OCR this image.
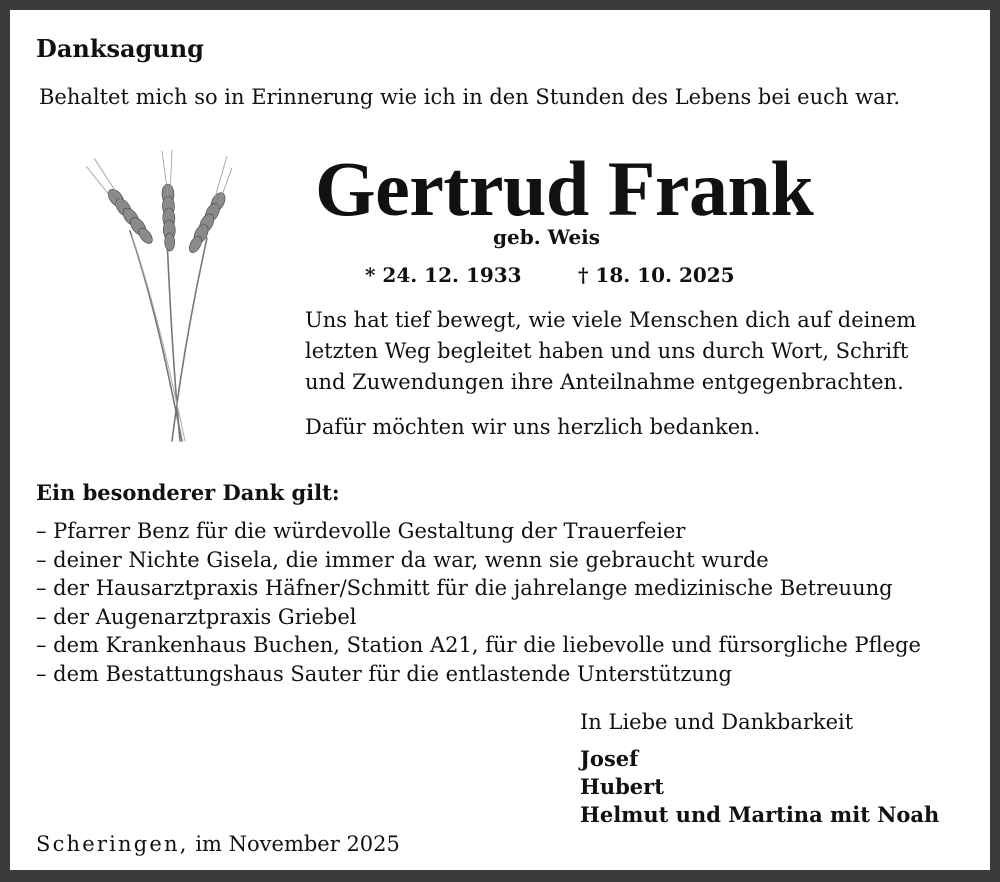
Danksagung
Behaltet mich so in Erinnerung wie ich in den Stunden des Lebens bei euch war.
Gertrud Frank
geb. Weis
* 24. 12. 1933	† 18. 10. 2025
Uns hat tief bewegt, wie viele Menschen dich auf deinem
letzten Weg begleitet haben und uns durch Wort, Schrift
und Zuwendungen ihre Anteilnahme entgegenbrachten.
Dafür möchten wir uns herzlich bedanken.
Ein besonderer Dank gilt:
– Pfarrer Benz für die würdevolle Gestaltung der Trauerfeier
– deiner Nichte Gisela, die immer da war, wenn sie gebraucht wurde
– der Hausarztpraxis Häfner/Schmitt für die jahrelange medizinische Betreuung
– der Augenarztpraxis Griebel
– dem Krankenhaus Buchen, Station A21, für die liebevolle und fürsorgliche Pflege
– dem Bestattungshaus Sauter für die entlastende Unterstützung
In Liebe und Dankbarkeit
Josef
Hubert
Helmut und Martina mit Noah
Scheringen, im November 2025
